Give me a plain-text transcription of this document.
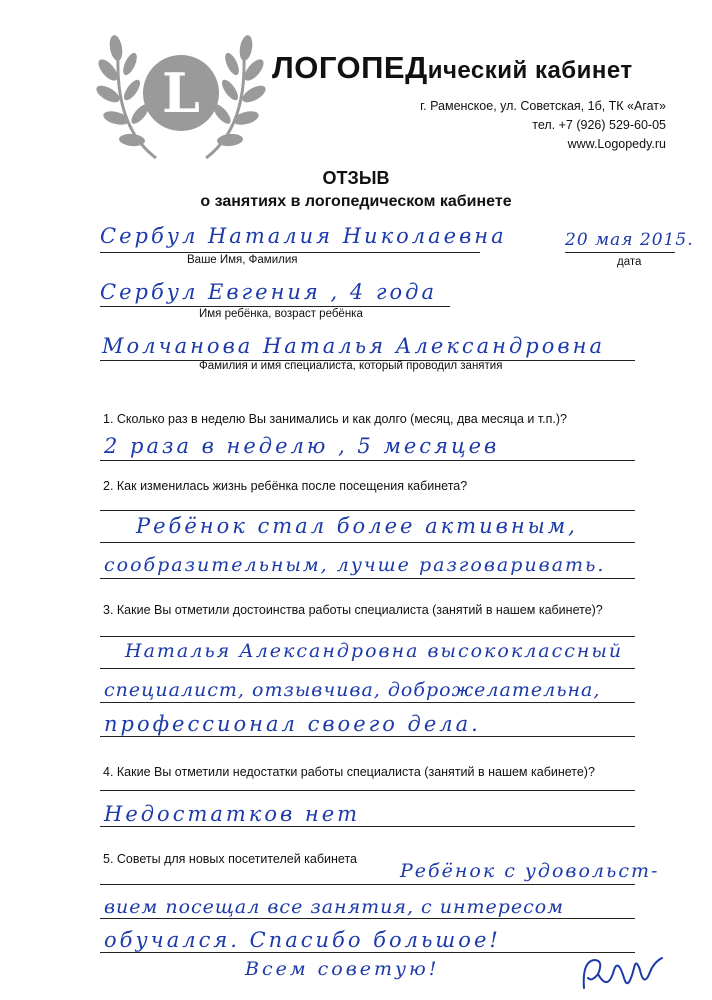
L ЛОГОПЕДический кабинет
г. Раменское, ул. Советская, 1б, ТК «Агат»
тел. +7 (926) 529-60-05
www.Logopedy.ru
ОТЗЫВ
о занятиях в логопедическом кабинете
Сербул Наталия Николаевна	20 мая 2015.
Ваше Имя, Фамилия	дата
Сербул Евгения , 4 года
Имя ребёнка, возраст ребёнка
Молчанова Наталья Александровна
Фамилия и имя специалиста, который проводил занятия
1. Сколько раз в неделю Вы занимались и как долго (месяц, два месяца и т.п.)?
2 раза в неделю , 5 месяцев
2. Как изменилась жизнь ребёнка после посещения кабинета?
Ребёнок стал более активным,
сообразительным, лучше разговаривать.
3. Какие Вы отметили достоинства работы специалиста (занятий в нашем кабинете)?
Наталья Александровна высококлассный
специалист, отзывчива, доброжелательна,
профессионал своего дела.
4. Какие Вы отметили недостатки работы специалиста (занятий в нашем кабинете)?
Недостатков нет
5. Советы для новых посетителей кабинета
Ребёнок с удовольст-
вием посещал все занятия, с интересом
обучался. Спасибо большое!
Всем советую!
